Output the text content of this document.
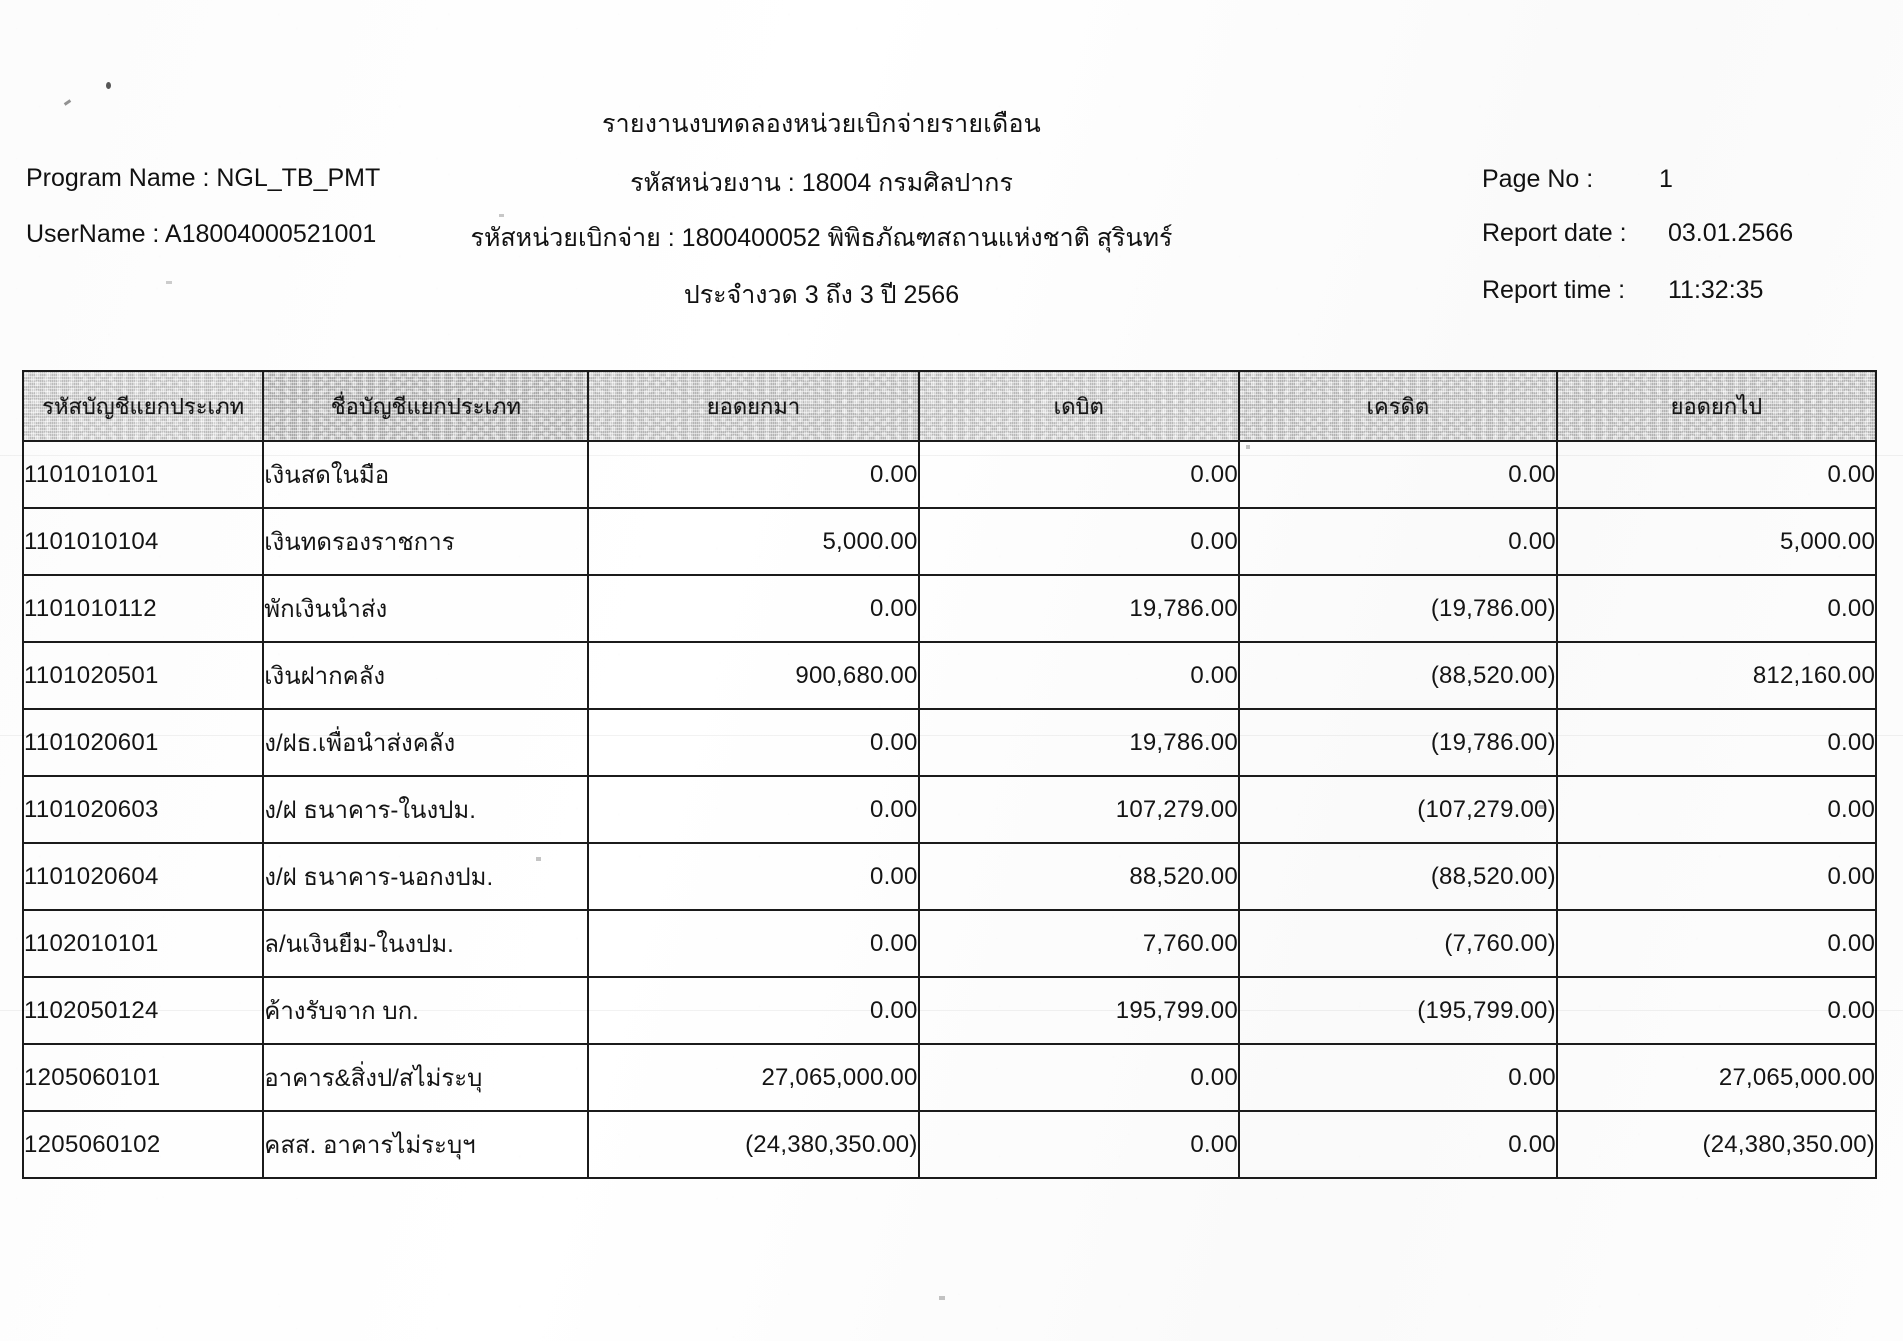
รายงานงบทดลองหน่วยเบิกจ่ายรายเดือน
Program Name : NGL_TB_PMT
UserName : A18004000521001
รหัสหน่วยงาน : 18004 กรมศิลปากร
รหัสหน่วยเบิกจ่าย : 1800400052 พิพิธภัณฑสถานแห่งชาติ สุรินทร์
ประจำงวด 3 ถึง 3 ปี 2566
Page No :	1
Report date : 03.01.2566
Report time : 11:32:35
รหัสบัญชีแยกประเภท	ชื่อบัญชีแยกประเภท	ยอดยกมา	เดบิต	เครดิต	ยอดยกไป
1101010101	เงินสดในมือ	0.00	0.00	0.00	0.00
1101010104	เงินทดรองราชการ	5,000.00	0.00	0.00	5,000.00
1101010112	พักเงินนำส่ง	0.00	19,786.00	(19,786.00)	0.00
1101020501	เงินฝากคลัง	900,680.00	0.00	(88,520.00)	812,160.00
1101020601	ง/ฝธ.เพื่อนำส่งคลัง	0.00	19,786.00	(19,786.00)	0.00
1101020603	ง/ฝ ธนาคาร-ในงปม.	0.00	107,279.00	(107,279.00)	0.00
1101020604	ง/ฝ ธนาคาร-นอกงปม.	0.00	88,520.00	(88,520.00)	0.00
1102010101	ล/นเงินยืม-ในงปม.	0.00	7,760.00	(7,760.00)	0.00
1102050124	ค้างรับจาก บก.	0.00	195,799.00	(195,799.00)	0.00
1205060101	อาคาร&สิ่งป/สไม่ระบุ	27,065,000.00	0.00	0.00	27,065,000.00
1205060102	คสส. อาคารไม่ระบุฯ	(24,380,350.00)	0.00	0.00	(24,380,350.00)
